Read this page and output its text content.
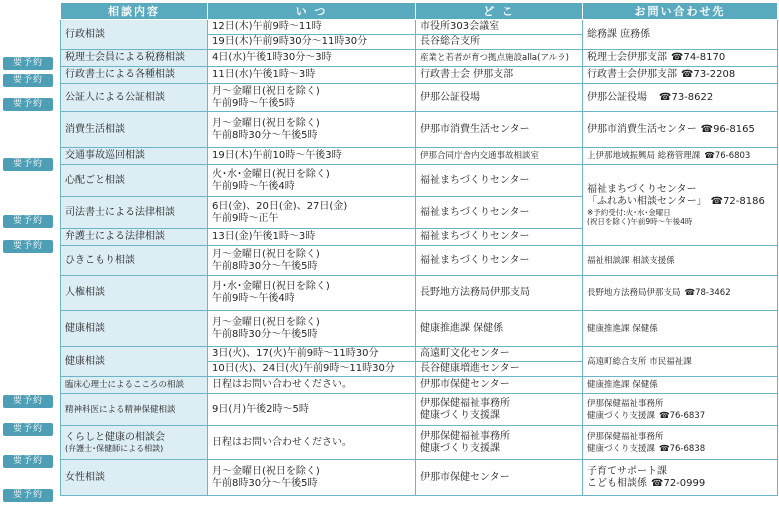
相談内容	い つ	ど こ	お問い合わせ先
行政相談	12日(木)午前9時～11時	市役所303会議室	総務課 庶務係
	19日(木)午前9時30分～11時30分	長谷総合支所	
税理士会員による税務相談	4日(水)午後1時30分～3時	産業と若者が育つ拠点施設alla(アルラ)	税理士会伊那支部 ☎74-8170
行政書士による各種相談	11日(水)午後1時～3時	行政書士会 伊那支部	行政書士会伊那支部 ☎73-2208
公証人による公証相談	月～金曜日(祝日を除く)
午前9時～午後5時	伊那公証役場	伊那公証役場 ☎73-8622
消費生活相談	月～金曜日(祝日を除く)
午前8時30分～午後5時	伊那市消費生活センター	伊那市消費生活センター ☎96-8165
交通事故巡回相談	19日(木)午前10時～午後3時	伊那合同庁舎内交通事故相談室	上伊那地域振興局 総務管理課 ☎76-6803
心配ごと相談	火･水･金曜日(祝日を除く)
午前9時～午後4時	福祉まちづくりセンター	福祉まちづくりセンター
「ふれあい相談センター」 ☎72-8186
※予約受付:火･水･金曜日
(祝日を除く)午前9時～午後4時

司法書士による法律相談	6日(金)、20日(金)、27日(金)
午前9時～正午	福祉まちづくりセンター	
弁護士による法律相談	13日(金)午後1時～3時	福祉まちづくりセンター	
ひきこもり相談	月～金曜日(祝日を除く)
午前8時30分～午後5時	福祉まちづくりセンター	福祉相談課 相談支援係
人権相談	月･水･金曜日(祝日を除く)
午前9時～午後4時	長野地方法務局伊那支局	長野地方法務局伊那支局 ☎78-3462
健康相談	月～金曜日(祝日を除く)
午前8時30分～午後5時	健康推進課 保健係	健康推進課 保健係
健康相談	3日(火)、17(火)午前9時～11時30分	高遠町文化センター	高遠町総合支所 市民福祉課
	10日(火)、24日(火)午前9時～11時30分	長谷健康増進センター	
臨床心理士によるこころの相談	日程はお問い合わせください。	伊那市保健センター	健康推進課 保健係
精神科医による精神保健相談	9日(月)午後2時～5時	伊那保健福祉事務所
健康づくり支援課	伊那保健福祉事務所
健康づくり支援課 ☎76-6837

くらしと健康の相談会
(弁護士･保健師による相談)	日程はお問い合わせください。	伊那保健福祉事務所
健康づくり支援課	伊那保健福祉事務所
健康づくり支援課 ☎76-6838

女性相談	月～金曜日(祝日を除く)
午前8時30分～午後5時	伊那市保健センター	子育てサポート課
こども相談係 ☎72-0999
要予約
要予約
要予約
要予約
要予約
要予約
要予約
要予約
要予約
要予約
